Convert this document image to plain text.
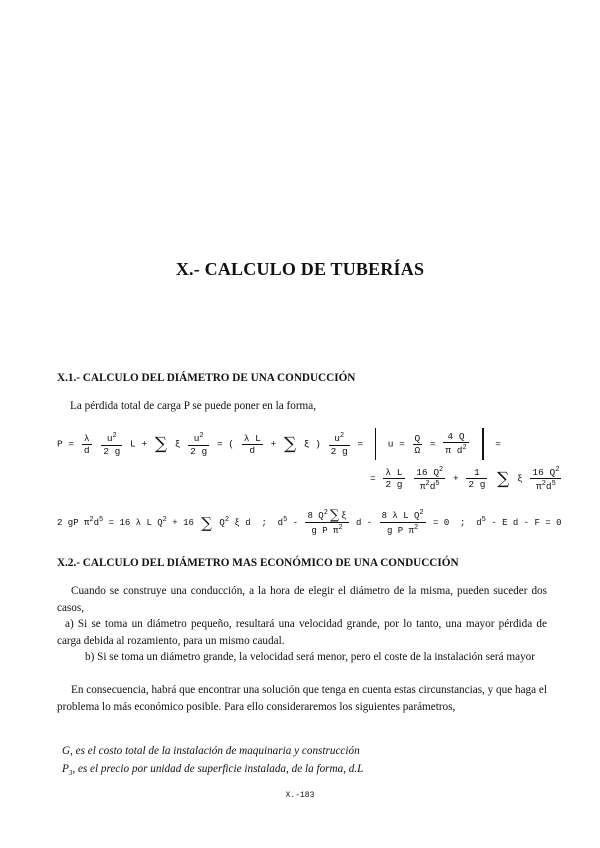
X.- CALCULO DE TUBERÍAS
X.1.- CALCULO DEL DIÁMETRO DE UNA CONDUCCIÓN
La pérdida total de carga P se puede poner en la forma,
$P = \frac{\lambda}{d}$
$\frac{u^2}{2 g}$ L + ∑ ξ $\frac{u^2}{2 g}$ = ( $\frac{\text{λ L}}{d}$ + ∑ ξ ) $\frac{u^2}{2 g}$ =	$u = \frac{Q}{\Omega} = \frac{4 Q}{\pi d^2}$	=
= $\frac{\text{λ L}}{2 g}$
$\frac{16 Q^2}{\pi^2d^5} + \frac{1}{2 g}$ ∑ ξ $\frac{16 Q^2}{\pi^2d^5}$
2 gP $\pi^2d^5 = 16$ λ L $Q^2 + 16$ ∑ $Q^2$ ξ d ; $d^5 - \frac{8 Q^2 \sum \xi}{g P \pi^2}$ $d - \frac{8 \lambda L Q^2}{g P \pi^2} = 0$ ; $d^5$ - E d - F = 0
X.2.- CALCULO DEL DIÁMETRO MAS ECONÓMICO DE UNA CONDUCCIÓN
Cuando se construye una conducción, a la hora de elegir el diámetro de la misma, pueden suceder dos casos,
a) Si se toma un diámetro pequeño, resultará una velocidad grande, por lo tanto, una mayor pérdida de carga debida al rozamiento, para un mismo caudal.
b) Si se toma un diámetro grande, la velocidad será menor, pero el coste de la instalación será mayor
En consecuencia, habrá que encontrar una solución que tenga en cuenta estas circunstancias, y que haga el problema lo más económico posible. Para ello consideraremos los siguientes parámetros,
G, es el costo total de la instalación de maquinaria y construcción
$P_3$, es el precio por unidad de superficie instalada, de la forma, d.L
X.-183
